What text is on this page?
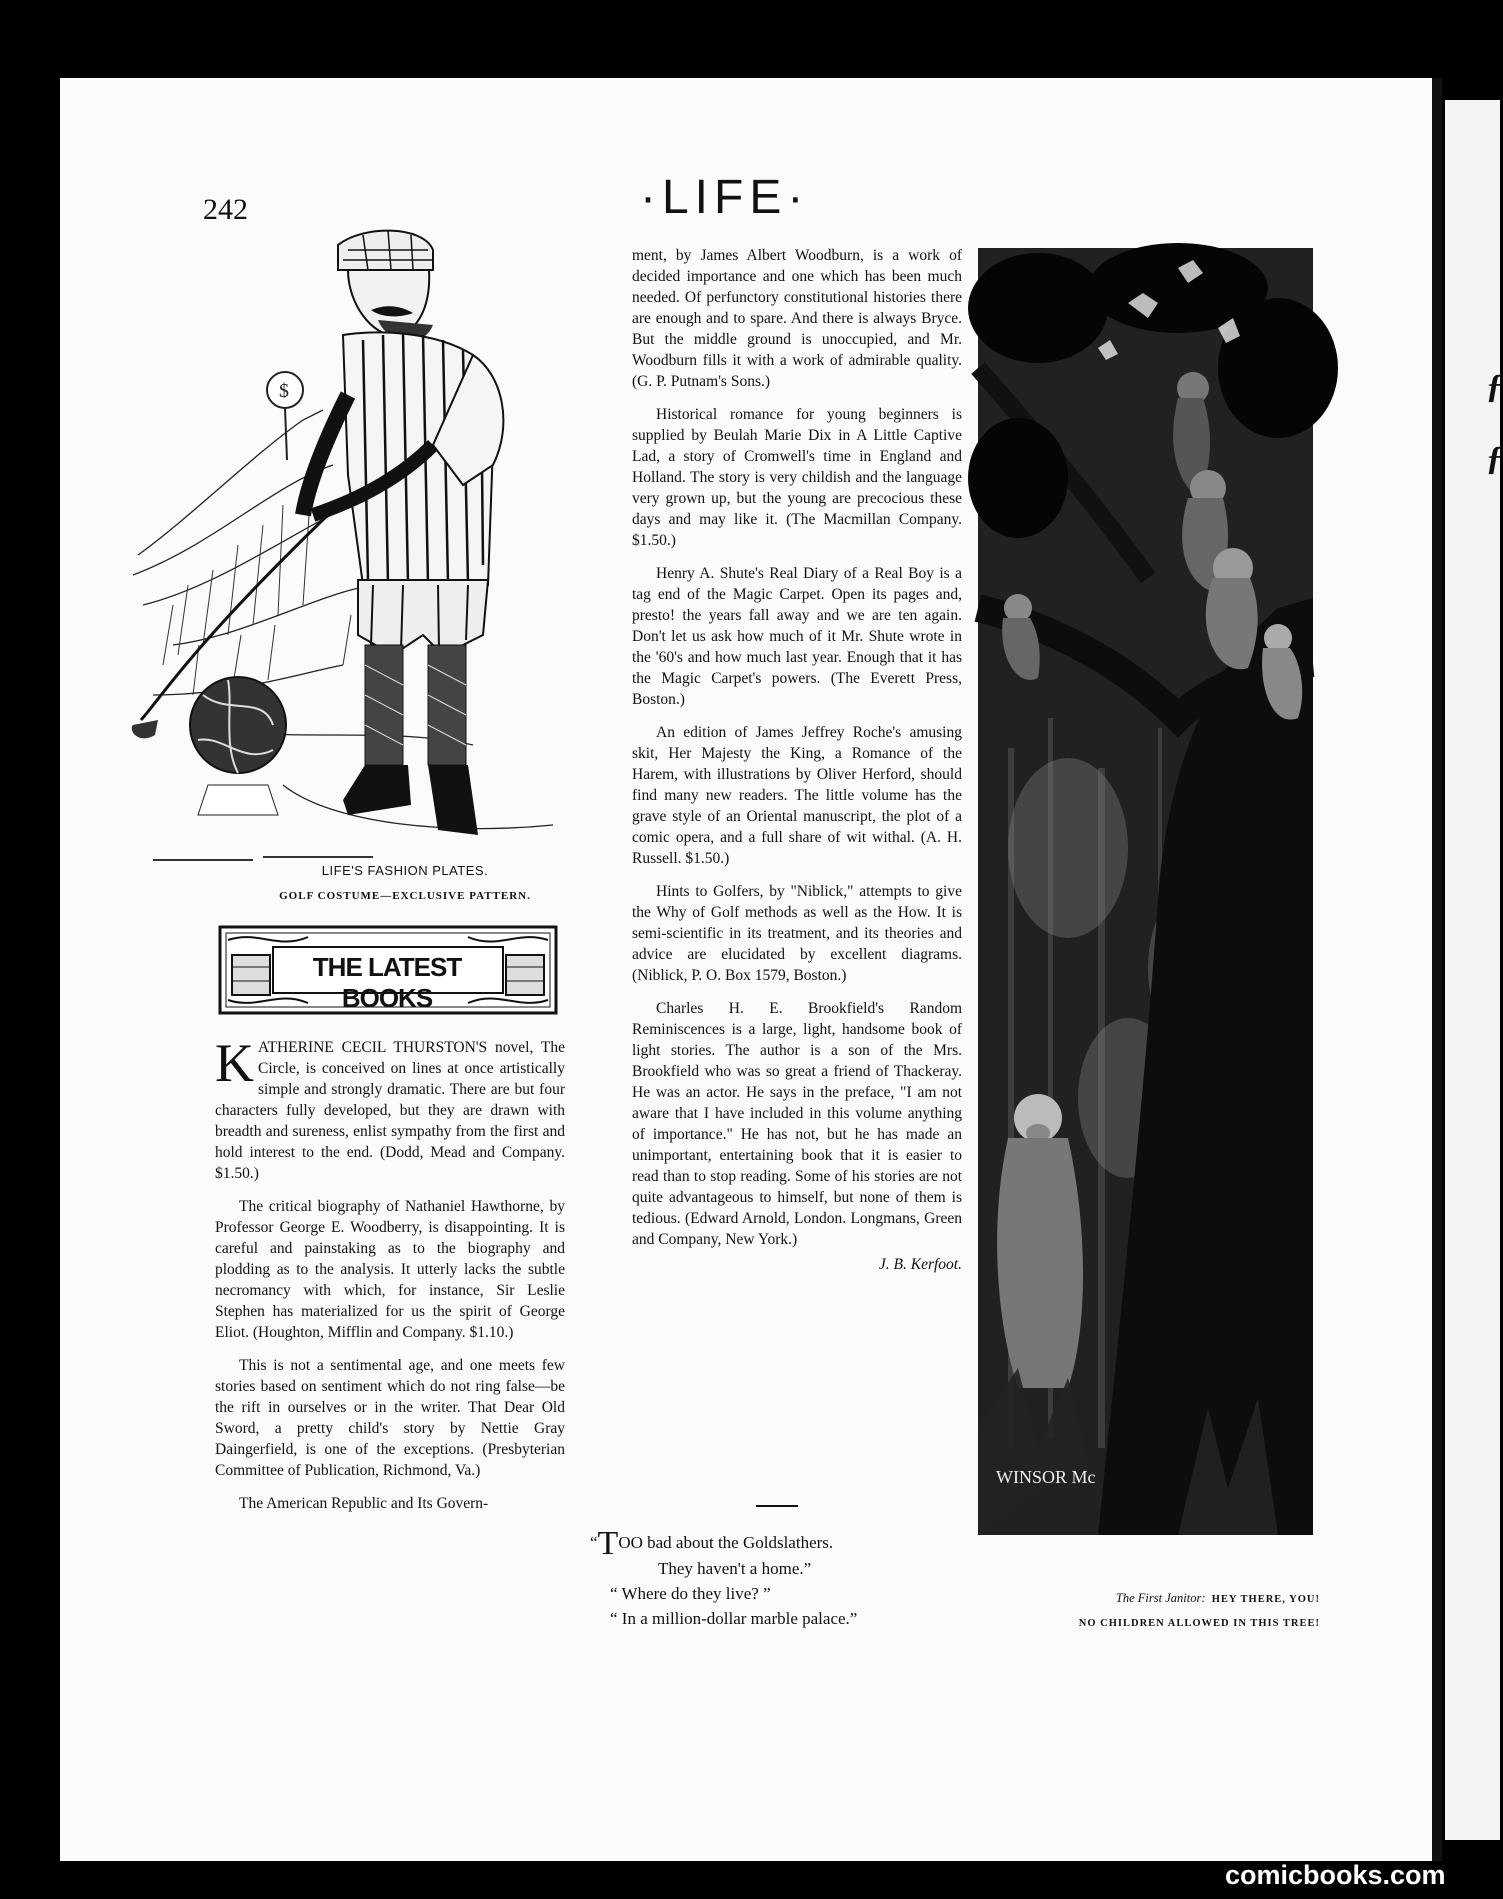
ƒ
ƒ
242	·LIFE·
$
LIFE'S FASHION PLATES.
GOLF COSTUME—EXCLUSIVE PATTERN.
THE LATEST BOOKS

KATHERINE CECIL THURSTON'S novel, The Circle, is conceived on lines at once artistically simple and strongly dramatic. There are but four characters fully developed, but they are drawn with breadth and sureness, enlist sympathy from the first and hold interest to the end. (Dodd, Mead and Company. $1.50.)

The critical biography of Nathaniel Hawthorne, by Professor George E. Woodberry, is disappointing. It is careful and painstaking as to the biography and plodding as to the analysis. It utterly lacks the subtle necromancy with which, for instance, Sir Leslie Stephen has materialized for us the spirit of George Eliot. (Houghton, Mifflin and Company. $1.10.)

This is not a sentimental age, and one meets few stories based on sentiment which do not ring false—be the rift in ourselves or in the writer. That Dear Old Sword, a pretty child's story by Nettie Gray Daingerfield, is one of the exceptions. (Presbyterian Committee of Publication, Richmond, Va.)

The American Republic and Its Govern-

ment, by James Albert Woodburn, is a work of decided importance and one which has been much needed. Of perfunctory constitutional histories there are enough and to spare. And there is always Bryce. But the middle ground is unoccupied, and Mr. Woodburn fills it with a work of admirable quality. (G. P. Putnam's Sons.)

Historical romance for young beginners is supplied by Beulah Marie Dix in A Little Captive Lad, a story of Cromwell's time in England and Holland. The story is very childish and the language very grown up, but the young are precocious these days and may like it. (The Macmillan Company. $1.50.)

Henry A. Shute's Real Diary of a Real Boy is a tag end of the Magic Carpet. Open its pages and, presto! the years fall away and we are ten again. Don't let us ask how much of it Mr. Shute wrote in the '60's and how much last year. Enough that it has the Magic Carpet's powers. (The Everett Press, Boston.)

An edition of James Jeffrey Roche's amusing skit, Her Majesty the King, a Romance of the Harem, with illustrations by Oliver Herford, should find many new readers. The little volume has the grave style of an Oriental manuscript, the plot of a comic opera, and a full share of wit withal. (A. H. Russell. $1.50.)

Hints to Golfers, by "Niblick," attempts to give the Why of Golf methods as well as the How. It is semi-scientific in its treatment, and its theories and advice are elucidated by excellent diagrams. (Niblick, P. O. Box 1579, Boston.)

Charles H. E. Brookfield's Random Reminiscences is a large, light, handsome book of light stories. The author is a son of the Mrs. Brookfield who was so great a friend of Thackeray. He was an actor. He says in the preface, "I am not aware that I have included in this volume anything of importance." He has not, but he has made an unimportant, entertaining book that it is easier to read than to stop reading. Some of his stories are not quite advantageous to himself, but none of them is tedious. (Edward Arnold, London. Longmans, Green and Company, New York.)

J. B. Kerfoot.
“TOO bad about the Goldslathers.
They haven't a home.”
“ Where do they live? ”
“ In a million-dollar marble palace.”
WINSOR Mc
The First Janitor: HEY THERE, YOU!
NO CHILDREN ALLOWED IN THIS TREE!
comicbooks.com
